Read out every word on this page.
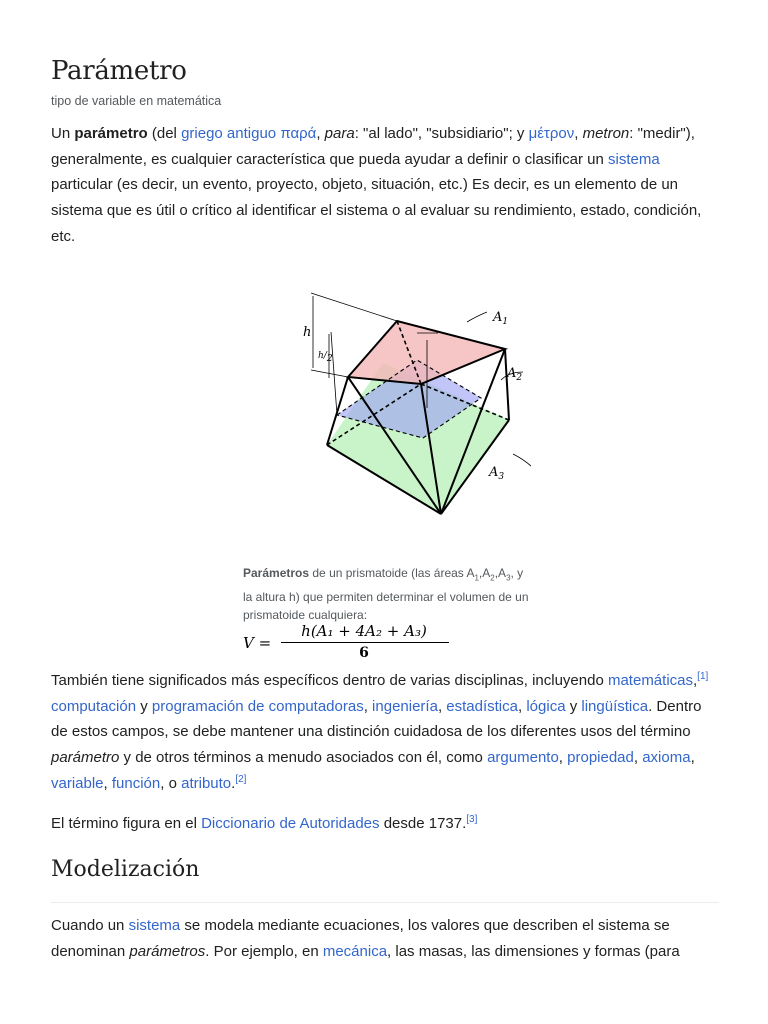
Parámetro
tipo de variable en matemática

Un parámetro (del griego antiguo παρά, para: "al lado", "subsidiario"; y μέτρον, metron: "medir"), generalmente, es cualquier característica que pueda ayudar a definir o clasificar un sistema particular (es decir, un evento, proyecto, objeto, situación, etc.) Es decir, es un elemento de un sistema que es útil o crítico al identificar el sistema o al evaluar su rendimiento, estado, condición, etc.

h
h/2
$A_1$
$A_2$
$A_3$
Parámetros de un prismatoide (las áreas $A_1,A_2,A_3$, y la altura h) que permiten determinar el volumen de un prismatoide cualquiera:
V =
h(A₁ + 4A₂ + A₃)
6

También tiene significados más específicos dentro de varias disciplinas, incluyendo matemáticas,[1] computación y programación de computadoras, ingeniería, estadística, lógica y lingüística. Dentro de estos campos, se debe mantener una distinción cuidadosa de los diferentes usos del término parámetro y de otros términos a menudo asociados con él, como argumento, propiedad, axioma, variable, función, o atributo.[2]

El término figura en el Diccionario de Autoridades desde 1737.[3]

Modelización

Cuando un sistema se modela mediante ecuaciones, los valores que describen el sistema se denominan parámetros. Por ejemplo, en mecánica, las masas, las dimensiones y formas (para
